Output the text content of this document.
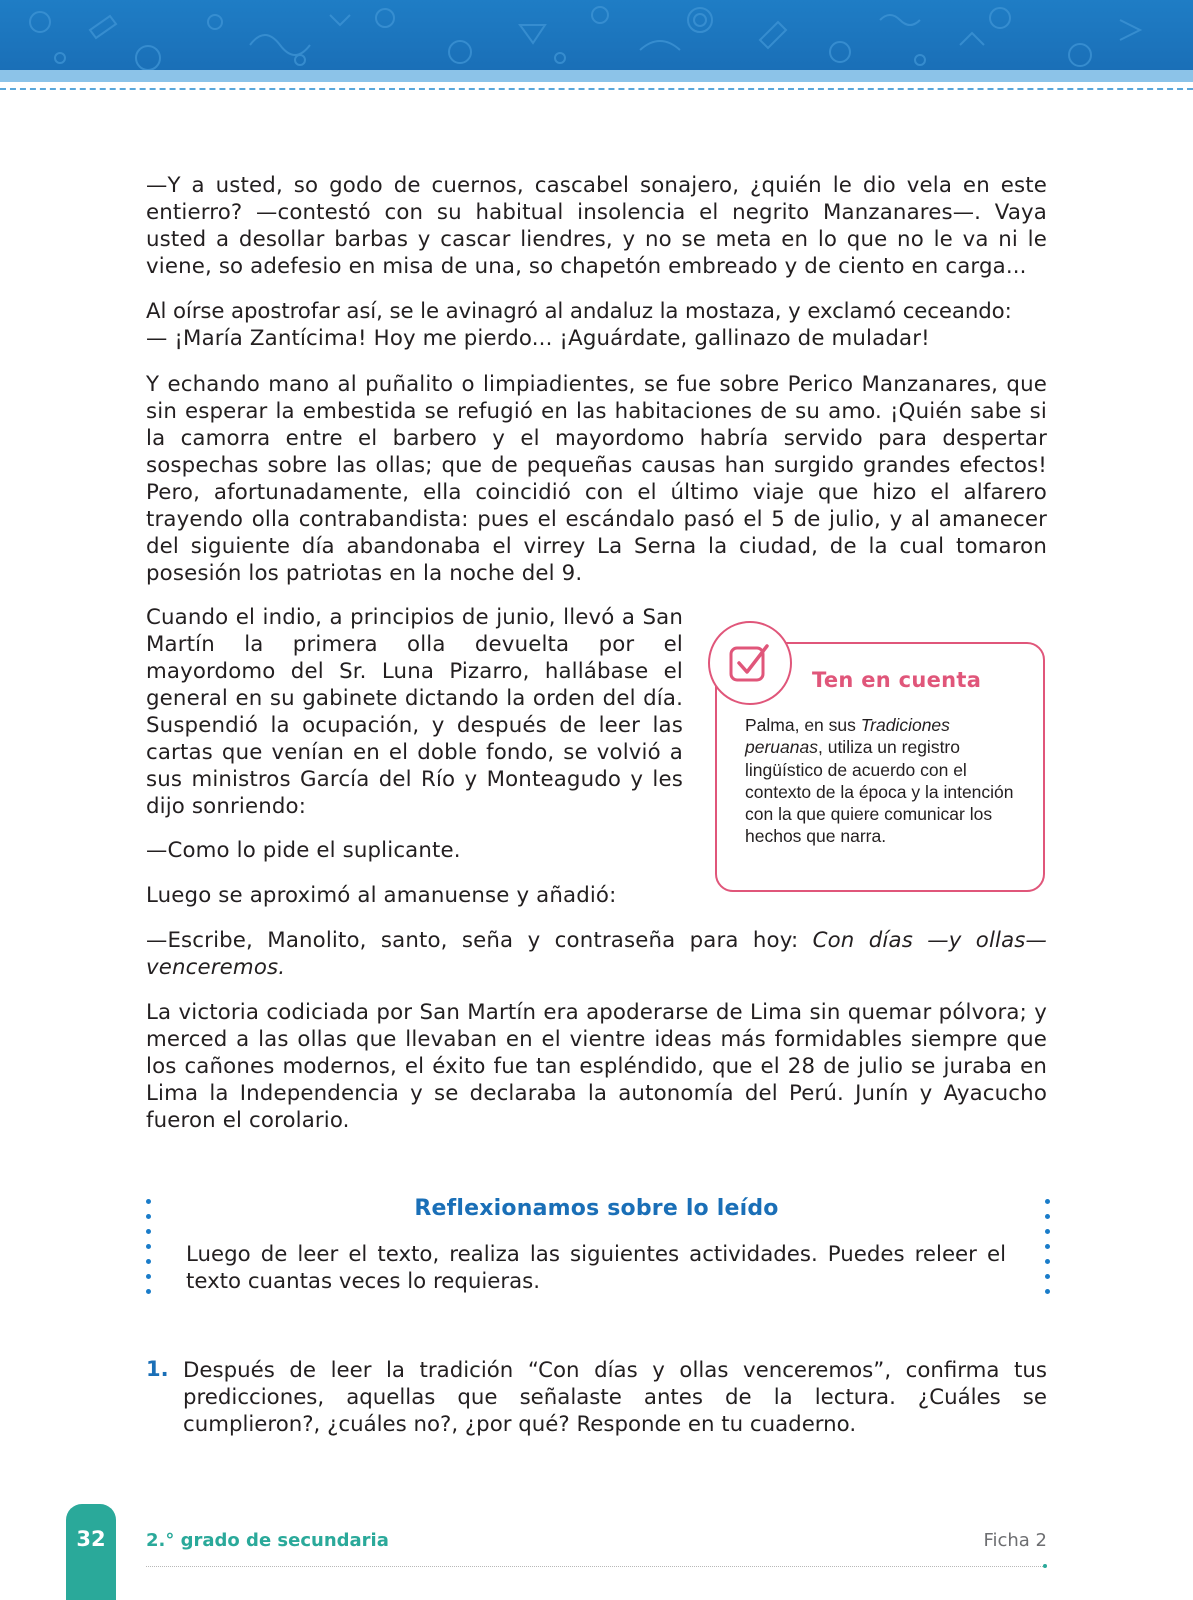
—Y a usted, so godo de cuernos, cascabel sonajero, ¿quién le dio vela en este entierro? —contestó con su habitual insolencia el negrito Manzanares—. Vaya usted a desollar barbas y cascar liendres, y no se meta en lo que no le va ni le viene, so adefesio en misa de una, so chapetón embreado y de ciento en carga...

Al oírse apostrofar así, se le avinagró al andaluz la mostaza, y exclamó ceceando:

— ¡María Zantícima! Hoy me pierdo... ¡Aguárdate, gallinazo de muladar!

Y echando mano al puñalito o limpiadientes, se fue sobre Perico Manzanares, que sin esperar la embestida se refugió en las habitaciones de su amo. ¡Quién sabe si la camorra entre el barbero y el mayordomo habría servido para despertar sospechas sobre las ollas; que de pequeñas causas han surgido grandes efectos! Pero, afortunadamente, ella coincidió con el último viaje que hizo el alfarero trayendo olla contrabandista: pues el escándalo pasó el 5 de julio, y al amanecer del siguiente día abandonaba el virrey La Serna la ciudad, de la cual tomaron posesión los patriotas en la noche del 9.

Cuando el indio, a principios de junio, llevó a San Martín la primera olla devuelta por el mayordomo del Sr. Luna Pizarro, hallábase el general en su gabinete dictando la orden del día. Suspendió la ocupación, y después de leer las cartas que venían en el doble fondo, se volvió a sus ministros García del Río y Monteagudo y les dijo sonriendo:

—Como lo pide el suplicante.

Luego se aproximó al amanuense y añadió:

—Escribe, Manolito, santo, seña y contraseña para hoy: Con días —y ollas— venceremos.

La victoria codiciada por San Martín era apoderarse de Lima sin quemar pólvora; y merced a las ollas que llevaban en el vientre ideas más formidables siempre que los cañones modernos, el éxito fue tan espléndido, que el 28 de julio se juraba en Lima la Independencia y se declaraba la autonomía del Perú. Junín y Ayacucho fueron el corolario.

Ten en cuenta
Palma, en sus Tradiciones peruanas, utiliza un registro lingüístico de acuerdo con el contexto de la época y la intención con la que quiere comunicar los hechos que narra.
Reflexionamos sobre lo leído
Luego de leer el texto, realiza las siguientes actividades. Puedes releer el texto cuantas veces lo requieras.
1. Después de leer la tradición “Con días y ollas venceremos”, confirma tus predicciones, aquellas que señalaste antes de la lectura. ¿Cuáles se cumplieron?, ¿cuáles no?, ¿por qué? Responde en tu cuaderno.
32	2.° grado de secundaria	Ficha 2
